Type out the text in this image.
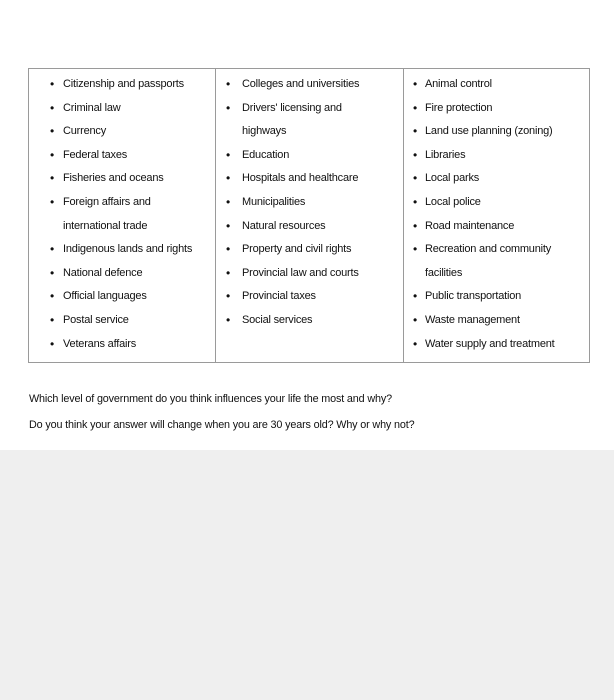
• Citizenship and passports
• Criminal law
• Currency
• Federal taxes
• Fisheries and oceans
• Foreign affairs and
international trade
• Indigenous lands and rights
• National defence
• Official languages
• Postal service
• Veterans affairs

• Colleges and universities
• Drivers' licensing and
highways
• Education
• Hospitals and healthcare
• Municipalities
• Natural resources
• Property and civil rights
• Provincial law and courts
• Provincial taxes
• Social services

• Animal control
• Fire protection
• Land use planning (zoning)
• Libraries
• Local parks
• Local police
• Road maintenance
• Recreation and community
facilities
• Public transportation
• Waste management
• Water supply and treatment

Which level of government do you think influences your life the most and why?

Do you think your answer will change when you are 30 years old? Why or why not?
